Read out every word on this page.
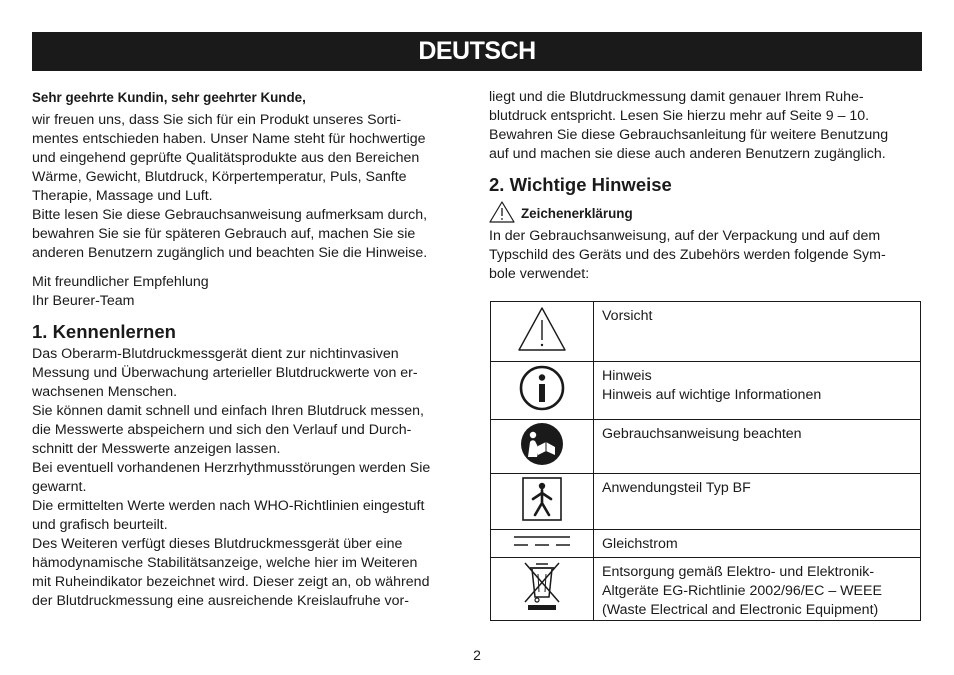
DEUTSCH

Sehr geehrte Kundin, sehr geehrter Kunde,

wir freuen uns, dass Sie sich für ein Produkt unseres Sorti-

mentes entschieden haben. Unser Name steht für hochwertige

und eingehend geprüfte Qualitätsprodukte aus den Bereichen

Wärme, Gewicht, Blutdruck, Körpertemperatur, Puls, Sanfte

Therapie, Massage und Luft.

Bitte lesen Sie diese Gebrauchsanweisung aufmerksam durch,

bewahren Sie sie für späteren Gebrauch auf, machen Sie sie

anderen Benutzern zugänglich und beachten Sie die Hinweise.

Mit freundlicher Empfehlung

Ihr Beurer-Team

1. Kennenlernen

Das Oberarm-Blutdruckmessgerät dient zur nichtinvasiven

Messung und Überwachung arterieller Blutdruckwerte von er-

wachsenen Menschen.

Sie können damit schnell und einfach Ihren Blutdruck messen,

die Messwerte abspeichern und sich den Verlauf und Durch-

schnitt der Messwerte anzeigen lassen.

Bei eventuell vorhandenen Herzrhythmusstörungen werden Sie

gewarnt.

Die ermittelten Werte werden nach WHO-Richtlinien eingestuft

und grafisch beurteilt.

Des Weiteren verfügt dieses Blutdruckmessgerät über eine

hämodynamische Stabilitätsanzeige, welche hier im Weiteren

mit Ruheindikator bezeichnet wird. Dieser zeigt an, ob während

der Blutdruckmessung eine ausreichende Kreislaufruhe vor-

liegt und die Blutdruckmessung damit genauer Ihrem Ruhe-

blutdruck entspricht. Lesen Sie hierzu mehr auf Seite 9 – 10.

Bewahren Sie diese Gebrauchsanleitung für weitere Benutzung

auf und machen sie diese auch anderen Benutzern zugänglich.

2. Wichtige Hinweise
Zeichenerklärung

In der Gebrauchsanweisung, auf der Verpackung und auf dem

Typschild des Geräts und des Zubehörs werden folgende Sym-

bole verwendet:

Vorsicht

Hinweis
Hinweis auf wichtige Informationen

Gebrauchsanweisung beachten

Anwendungsteil Typ BF

Gleichstrom

Entsorgung gemäß Elektro- und Elektronik-
Altgeräte EG-Richtlinie 2002/96/EC – WEEE
(Waste Electrical and Electronic Equipment)
2
